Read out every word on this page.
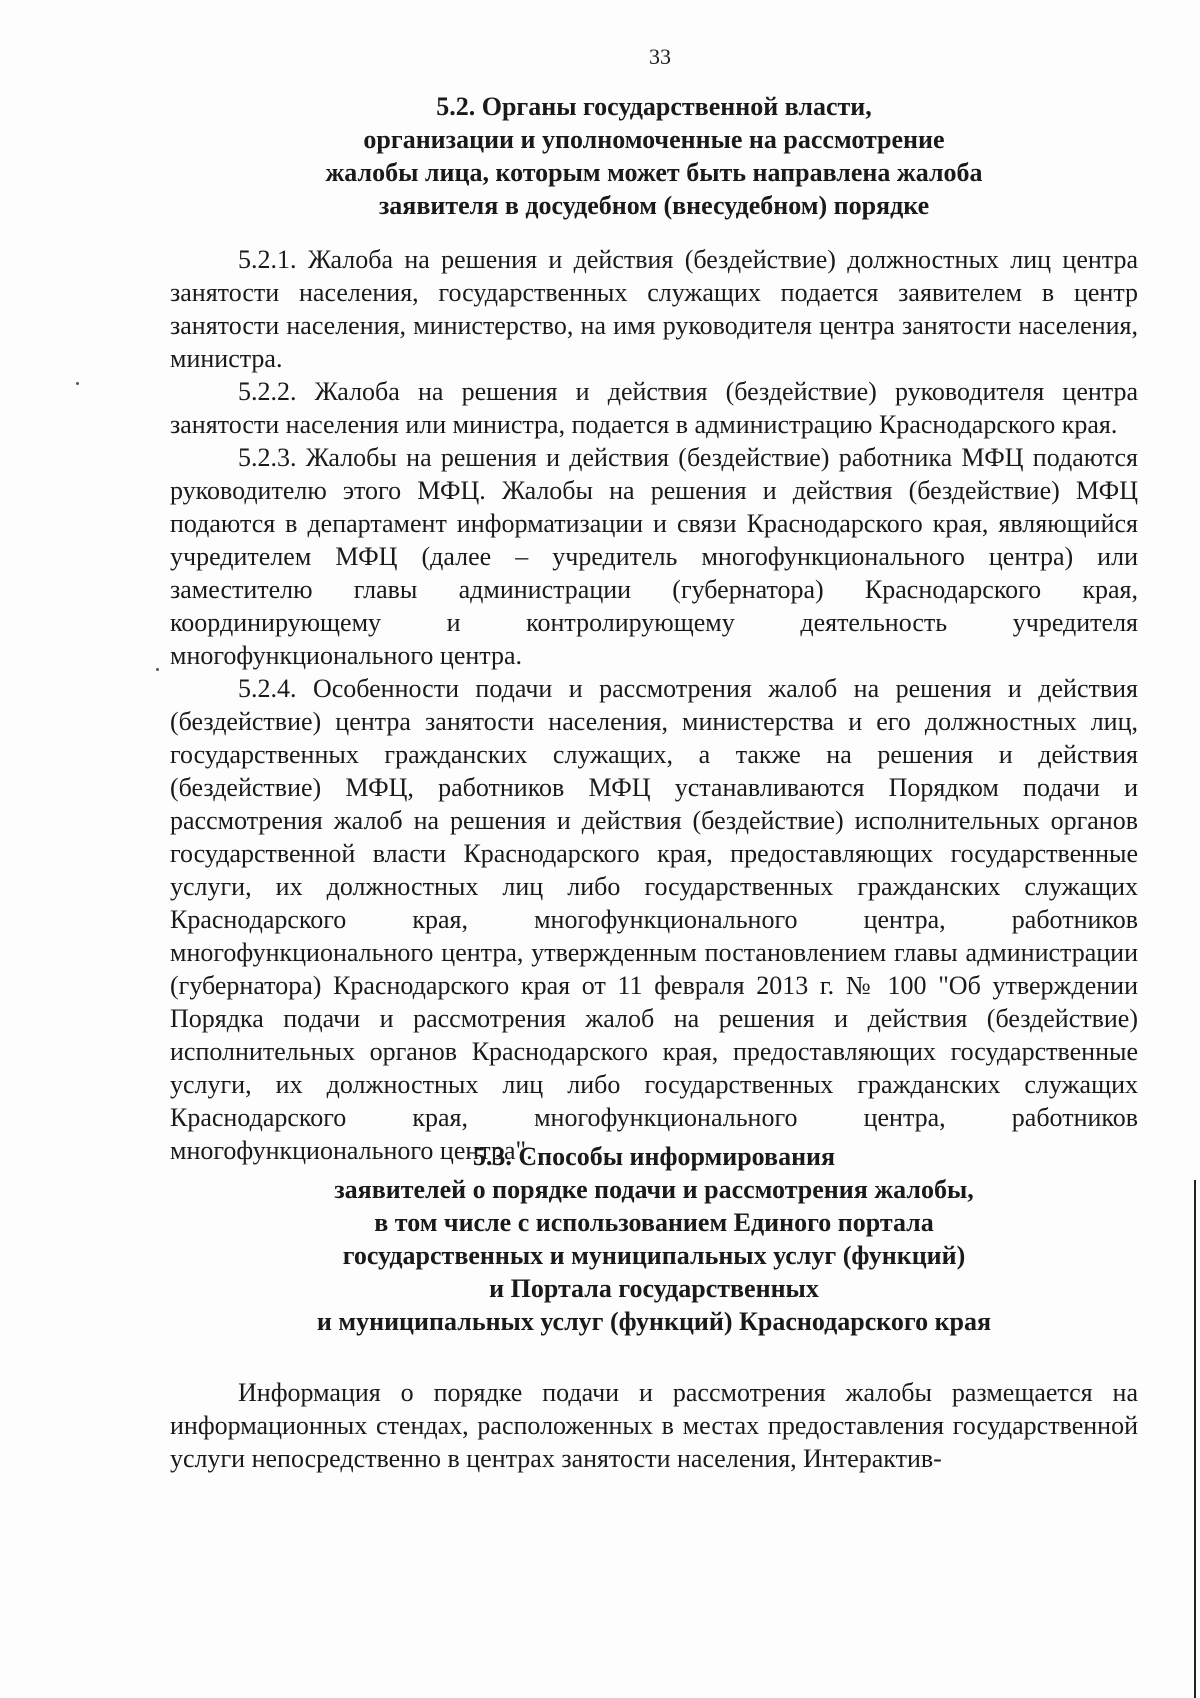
33
5.2. Органы государственной власти,
организации и уполномоченные на рассмотрение
жалобы лица, которым может быть направлена жалоба
заявителя в досудебном (внесудебном) порядке

5.2.1. Жалоба на решения и действия (бездействие) должностных лиц центра занятости населения, государственных служащих подается заявителем в центр занятости населения, министерство, на имя руководителя центра занятости населения, министра.

5.2.2. Жалоба на решения и действия (бездействие) руководителя центра занятости населения или министра, подается в администрацию Краснодарского края.

5.2.3. Жалобы на решения и действия (бездействие) работника МФЦ подаются руководителю этого МФЦ. Жалобы на решения и действия (бездействие) МФЦ подаются в департамент информатизации и связи Краснодарского края, являющийся учредителем МФЦ (далее – учредитель многофункционального центра) или заместителю главы администрации (губернатора) Краснодарского края, координирующему и контролирующему деятельность учредителя многофункционального центра.

5.2.4. Особенности подачи и рассмотрения жалоб на решения и действия (бездействие) центра занятости населения, министерства и его должностных лиц, государственных гражданских служащих, а также на решения и действия (бездействие) МФЦ, работников МФЦ устанавливаются Порядком подачи и рассмотрения жалоб на решения и действия (бездействие) исполнительных органов государственной власти Краснодарского края, предоставляющих государственные услуги, их должностных лиц либо государственных гражданских служащих Краснодарского края, многофункционального центра, работников многофункционального центра, утвержденным постановлением главы администрации (губернатора) Краснодарского края от 11 февраля 2013 г. № 100 "Об утверждении Порядка подачи и рассмотрения жалоб на решения и действия (бездействие) исполнительных органов Краснодарского края, предоставляющих государственные услуги, их должностных лиц либо государственных гражданских служащих Краснодарского края, многофункционального центра, работников многофункционального центра".

5.3. Способы информирования
заявителей о порядке подачи и рассмотрения жалобы,
в том числе с использованием Единого портала
государственных и муниципальных услуг (функций)
и Портала государственных
и муниципальных услуг (функций) Краснодарского края

Информация о порядке подачи и рассмотрения жалобы размещается на информационных стендах, расположенных в местах предоставления государственной услуги непосредственно в центрах занятости населения, Интерактив-
